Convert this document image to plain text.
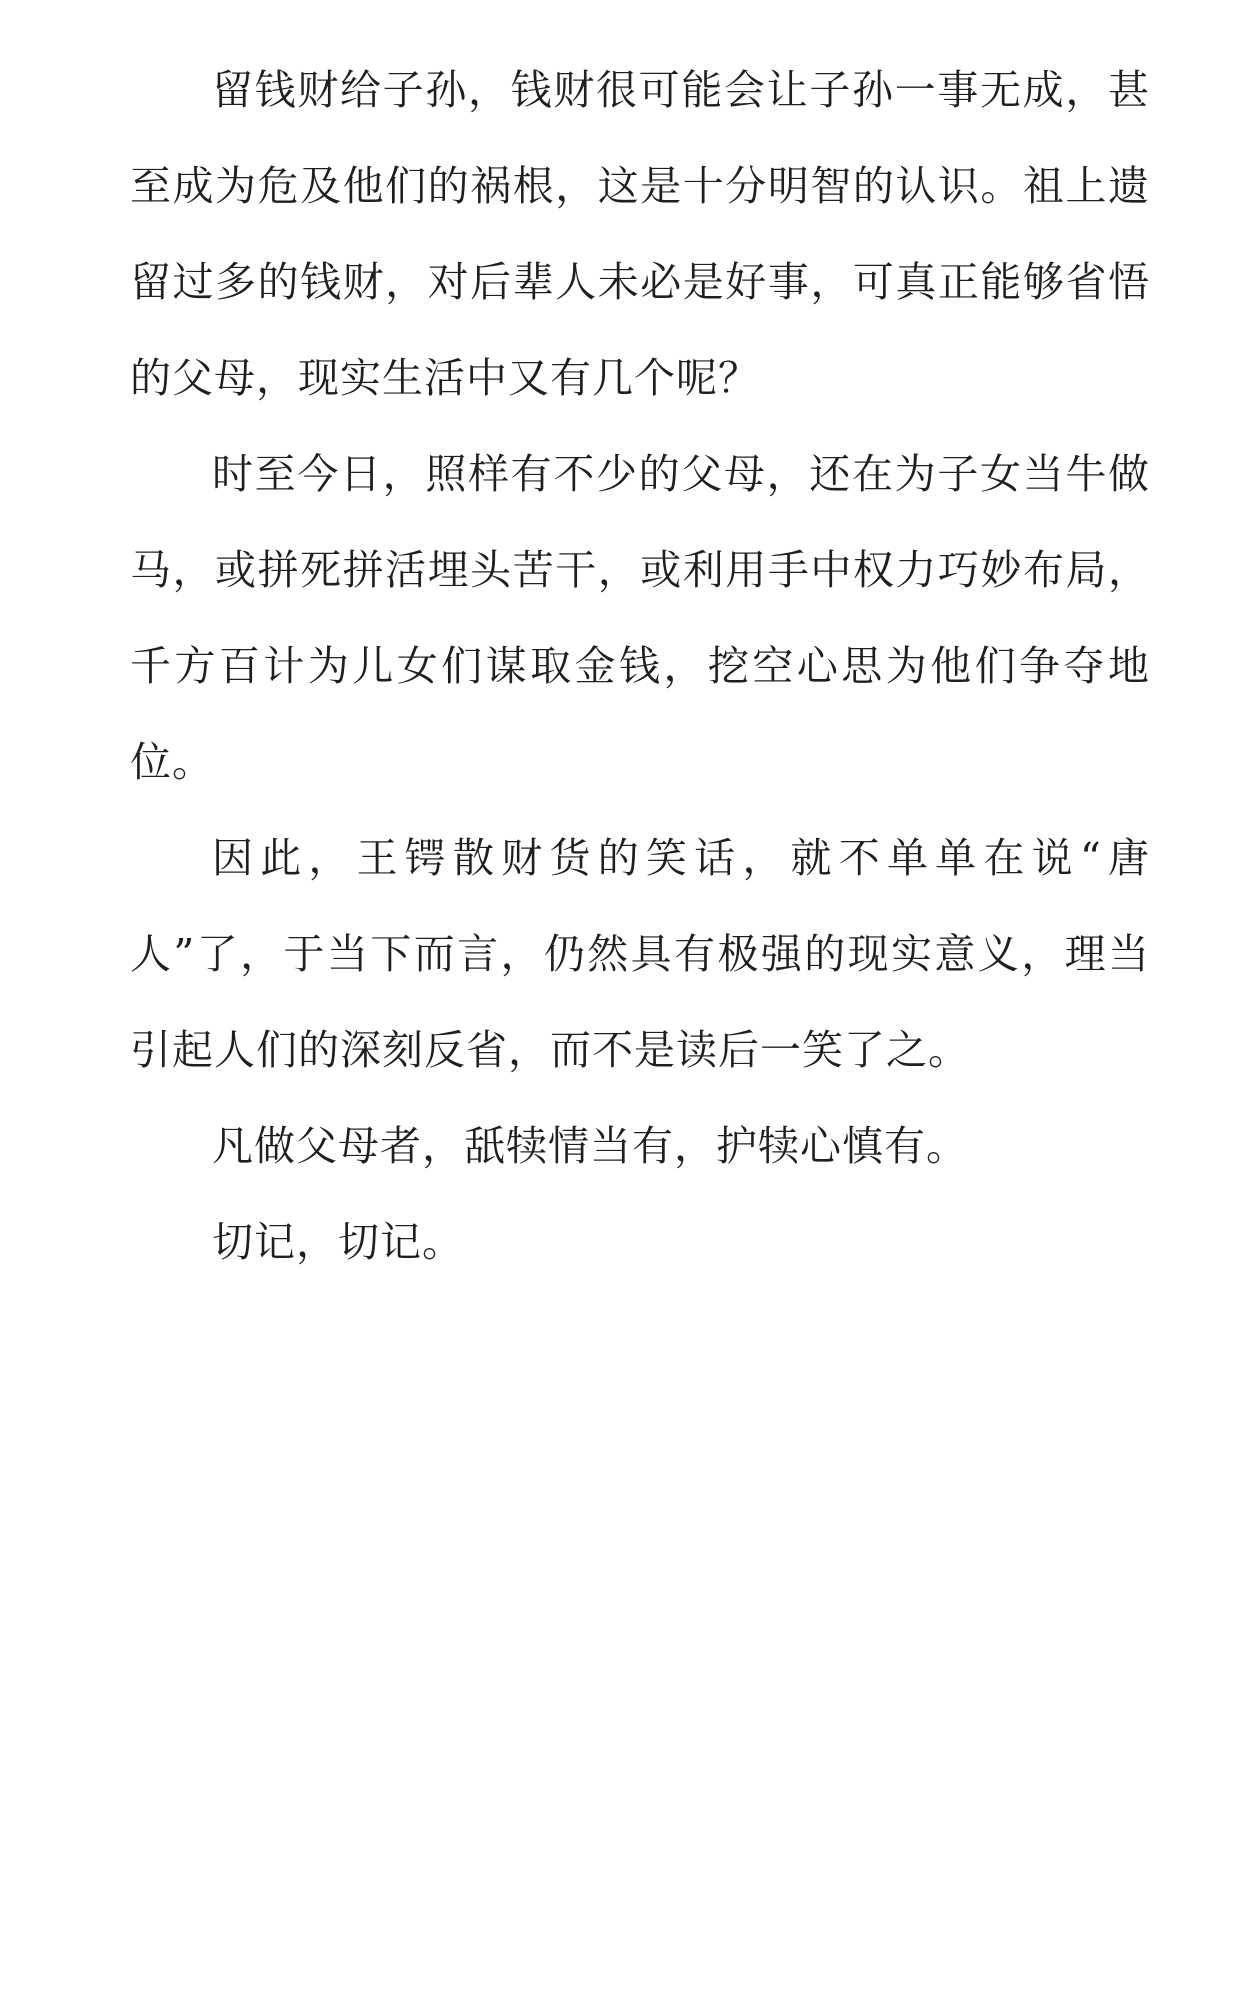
留钱财给子孙，钱财很可能会让子孙一事无成，甚至成为危及他们的祸根，这是十分明智的认识。祖上遗留过多的钱财，对后辈人未必是好事，可真正能够省悟的父母，现实生活中又有几个呢？

时至今日，照样有不少的父母，还在为子女当牛做马，或拼死拼活埋头苦干，或利用手中权力巧妙布局，千方百计为儿女们谋取金钱，挖空心思为他们争夺地位。

因此，王锷散财货的笑话，就不单单在说“唐人”了，于当下而言，仍然具有极强的现实意义，理当引起人们的深刻反省，而不是读后一笑了之。

凡做父母者，舐犊情当有，护犊心慎有。

切记，切记。
